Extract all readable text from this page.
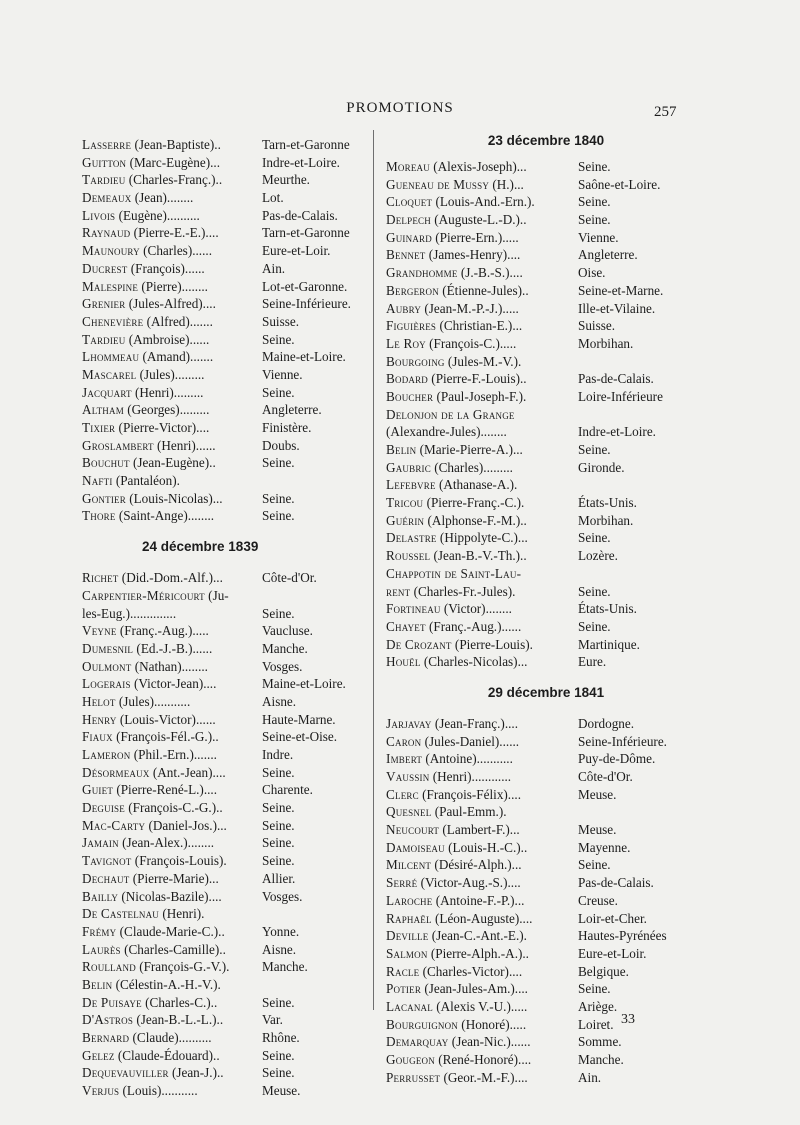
PROMOTIONS	257
Lasserre (Jean-Baptiste)..	Tarn-et-Garonne
Guitton (Marc-Eugène)...	Indre-et-Loire.
Tardieu (Charles-Franç.)..	Meurthe.
Demeaux (Jean)........	Lot.
Livois (Eugène)..........	Pas-de-Calais.
Raynaud (Pierre-E.-E.)....	Tarn-et-Garonne
Maunoury (Charles)......	Eure-et-Loir.
Ducrest (François)......	Ain.
Malespine (Pierre)........	Lot-et-Garonne.
Grenier (Jules-Alfred)....	Seine-Inférieure.
Chenevière (Alfred).......	Suisse.
Tardieu (Ambroise)......	Seine.
Lhommeau (Amand).......	Maine-et-Loire.
Mascarel (Jules).........	Vienne.
Jacquart (Henri).........	Seine.
Altham (Georges).........	Angleterre.
Tixier (Pierre-Victor)....	Finistère.
Groslambert (Henri)......	Doubs.
Bouchut (Jean-Eugène)..	Seine.
Nafti (Pantaléon).
Gontier (Louis-Nicolas)...	Seine.
Thore (Saint-Ange)........	Seine.
24 décembre 1839
Richet (Did.-Dom.-Alf.)...	Côte-d'Or.
Carpentier-Méricourt (Ju-
les-Eug.)..............	Seine.
Veyne (Franç.-Aug.).....	Vaucluse.
Dumesnil (Ed.-J.-B.)......	Manche.
Oulmont (Nathan)........	Vosges.
Logerais (Victor-Jean)....	Maine-et-Loire.
Helot (Jules)...........	Aisne.
Henry (Louis-Victor)......	Haute-Marne.
Fiaux (François-Fél.-G.)..	Seine-et-Oise.
Lameron (Phil.-Ern.).......	Indre.
Désormeaux (Ant.-Jean)....	Seine.
Guiet (Pierre-René-L.)....	Charente.
Deguise (François-C.-G.)..	Seine.
Mac-Carty (Daniel-Jos.)...	Seine.
Jamain (Jean-Alex.)........	Seine.
Tavignot (François-Louis).	Seine.
Dechaut (Pierre-Marie)...	Allier.
Bailly (Nicolas-Bazile)....	Vosges.
De Castelnau (Henri).
Frémy (Claude-Marie-C.)..	Yonne.
Laurès (Charles-Camille)..	Aisne.
Roulland (François-G.-V.).	Manche.
Belin (Célestin-A.-H.-V.).
De Puisaye (Charles-C.)..	Seine.
D'Astros (Jean-B.-L.-L.)..	Var.
Bernard (Claude)..........	Rhône.
Gelez (Claude-Édouard)..	Seine.
Dequevauviller (Jean-J.)..	Seine.
Verjus (Louis)...........	Meuse.
23 décembre 1840
Moreau (Alexis-Joseph)...	Seine.
Gueneau de Mussy (H.)...	Saône-et-Loire.
Cloquet (Louis-And.-Ern.).	Seine.
Delpech (Auguste-L.-D.)..	Seine.
Guinard (Pierre-Ern.).....	Vienne.
Bennet (James-Henry)....	Angleterre.
Grandhomme (J.-B.-S.)....	Oise.
Bergeron (Étienne-Jules)..	Seine-et-Marne.
Aubry (Jean-M.-P.-J.).....	Ille-et-Vilaine.
Figuières (Christian-E.)...	Suisse.
Le Roy (François-C.).....	Morbihan.
Bourgoing (Jules-M.-V.).
Bodard (Pierre-F.-Louis)..	Pas-de-Calais.
Boucher (Paul-Joseph-F.).	Loire-Inférieure
Delonjon de la Grange
(Alexandre-Jules)........	Indre-et-Loire.
Belin (Marie-Pierre-A.)...	Seine.
Gaubric (Charles).........	Gironde.
Lefebvre (Athanase-A.).
Tricou (Pierre-Franç.-C.).	États-Unis.
Guérin (Alphonse-F.-M.)..	Morbihan.
Delastre (Hippolyte-C.)...	Seine.
Roussel (Jean-B.-V.-Th.)..	Lozère.
Chappotin de Saint-Lau-
rent (Charles-Fr.-Jules).	Seine.
Fortineau (Victor)........	États-Unis.
Chayet (Franç.-Aug.)......	Seine.
De Crozant (Pierre-Louis).	Martinique.
Houël (Charles-Nicolas)...	Eure.
29 décembre 1841
Jarjavay (Jean-Franç.)....	Dordogne.
Caron (Jules-Daniel)......	Seine-Inférieure.
Imbert (Antoine)...........	Puy-de-Dôme.
Vaussin (Henri)............	Côte-d'Or.
Clerc (François-Félix)....	Meuse.
Quesnel (Paul-Emm.).
Neucourt (Lambert-F.)...	Meuse.
Damoiseau (Louis-H.-C.)..	Mayenne.
Milcent (Désiré-Alph.)...	Seine.
Serré (Victor-Aug.-S.)....	Pas-de-Calais.
Laroche (Antoine-F.-P.)...	Creuse.
Raphaël (Léon-Auguste)....	Loir-et-Cher.
Deville (Jean-C.-Ant.-E.).	Hautes-Pyrénées
Salmon (Pierre-Alph.-A.)..	Eure-et-Loir.
Racle (Charles-Victor)....	Belgique.
Potier (Jean-Jules-Am.)....	Seine.
Lacanal (Alexis V.-U.).....	Ariège.
Bourguignon (Honoré).....	Loiret.
Demarquay (Jean-Nic.)......	Somme.
Gougeon (René-Honoré)....	Manche.
Perrusset (Geor.-M.-F.)....	Ain.
33
